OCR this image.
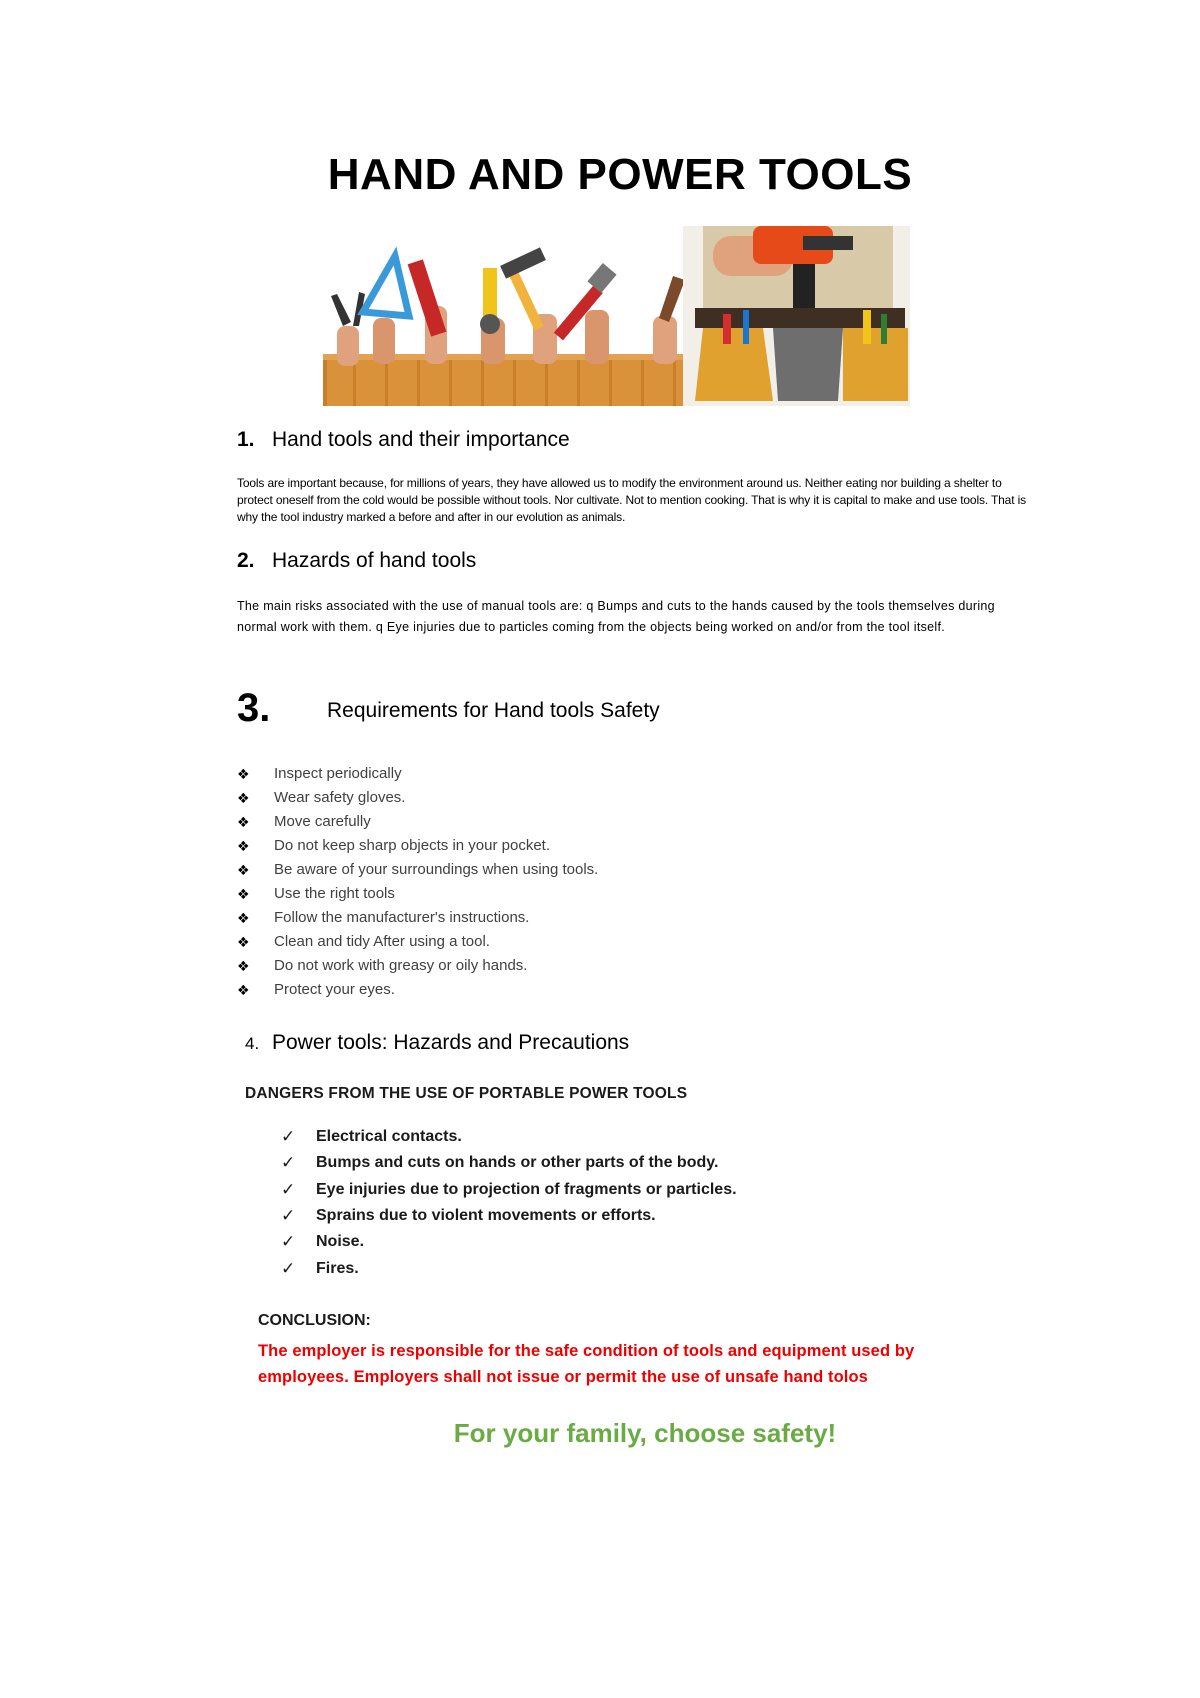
HAND AND POWER TOOLS
1. Hand tools and their importance

Tools are important because, for millions of years, they have allowed us to modify the environment around us. Neither eating nor building a shelter to protect oneself from the cold would be possible without tools. Nor cultivate. Not to mention cooking. That is why it is capital to make and use tools. That is why the tool industry marked a before and after in our evolution as animals.

2. Hazards of hand tools

The main risks associated with the use of manual tools are: q Bumps and cuts to the hands caused by the tools themselves during normal work with them. q Eye injuries due to particles coming from the objects being worked on and/or from the tool itself.

3.	Requirements for Hand tools Safety
❖	Inspect periodically
❖	Wear safety gloves.
❖	Move carefully
❖	Do not keep sharp objects in your pocket.
❖	Be aware of your surroundings when using tools.
❖	Use the right tools
❖	Follow the manufacturer's instructions.
❖	Clean and tidy After using a tool.
❖	Do not work with greasy or oily hands.
❖	Protect your eyes.
4. Power tools: Hazards and Precautions

DANGERS FROM THE USE OF PORTABLE POWER TOOLS

✓	Electrical contacts.
✓	Bumps and cuts on hands or other parts of the body.
✓	Eye injuries due to projection of fragments or particles.
✓	Sprains due to violent movements or efforts.
✓	Noise.
✓	Fires.

CONCLUSION:

The employer is responsible for the safe condition of tools and equipment used by employees. Employers shall not issue or permit the use of unsafe hand tolos

For your family, choose safety!
